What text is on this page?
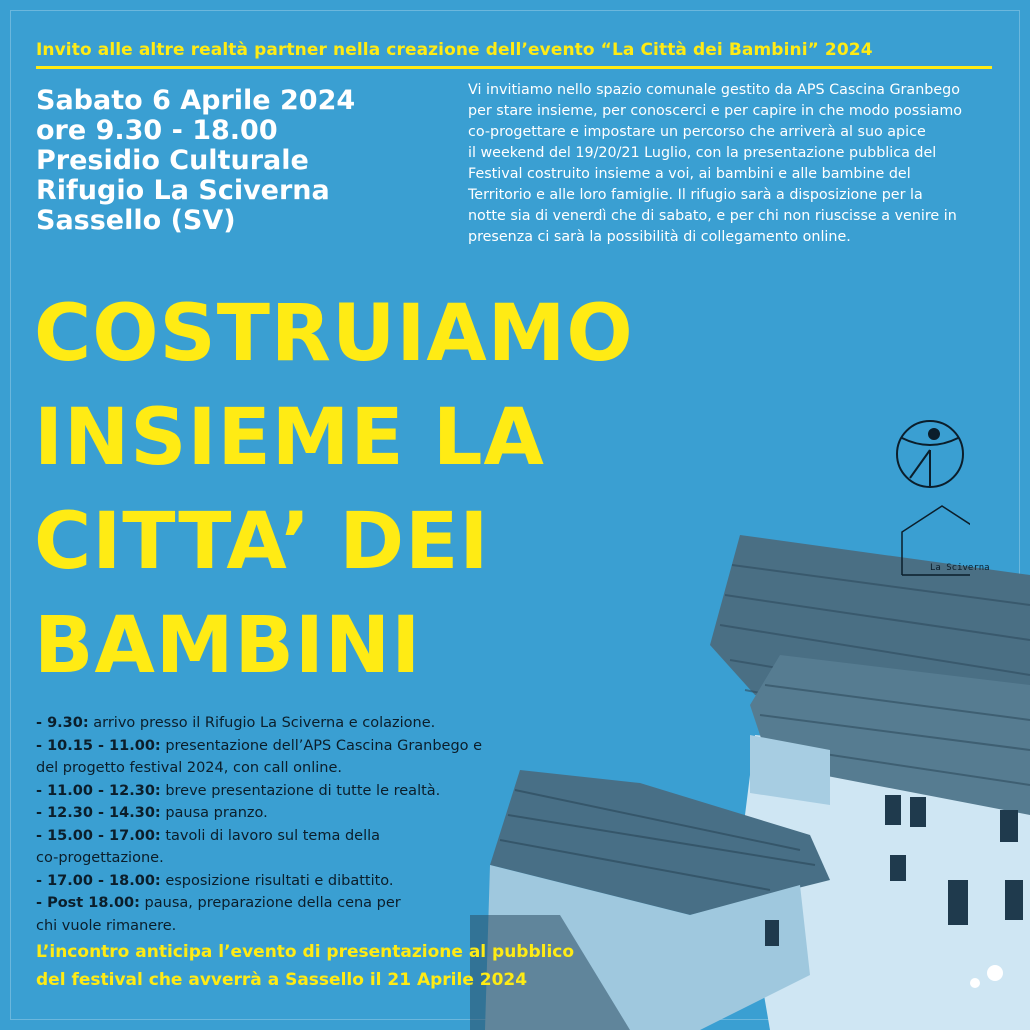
Invito alle altre realtà partner nella creazione dell’evento “La Città dei Bambini” 2024
Sabato 6 Aprile 2024
ore 9.30 - 18.00
Presidio Culturale
Rifugio La Sciverna
Sassello (SV)
Vi invitiamo nello spazio comunale gestito da APS Cascina Granbego
per stare insieme, per conoscerci e per capire in che modo possiamo
co-progettare e impostare un percorso che arriverà al suo apice
il weekend del 19/20/21 Luglio, con la presentazione pubblica del
Festival costruito insieme a voi, ai bambini e alle bambine del
Territorio e alle loro famiglie. Il rifugio sarà a disposizione per la
notte sia di venerdì che di sabato, e per chi non riuscisse a venire in
presenza ci sarà la possibilità di collegamento online.
COSTRUIAMO
INSIEME LA
CITTA’ DEI
BAMBINI
La Sciverna
- 9.30: arrivo presso il Rifugio La Sciverna e colazione.
- 10.15 - 11.00: presentazione dell’APS Cascina Granbego e
del progetto festival 2024, con call online.
- 11.00 - 12.30: breve presentazione di tutte le realtà.
- 12.30 - 14.30: pausa pranzo.
- 15.00 - 17.00: tavoli di lavoro sul tema della
co-progettazione.
- 17.00 - 18.00: esposizione risultati e dibattito.
- Post 18.00: pausa, preparazione della cena per
chi vuole rimanere.
L’incontro anticipa l’evento di presentazione al pubblico
del festival che avverrà a Sassello il 21 Aprile 2024
